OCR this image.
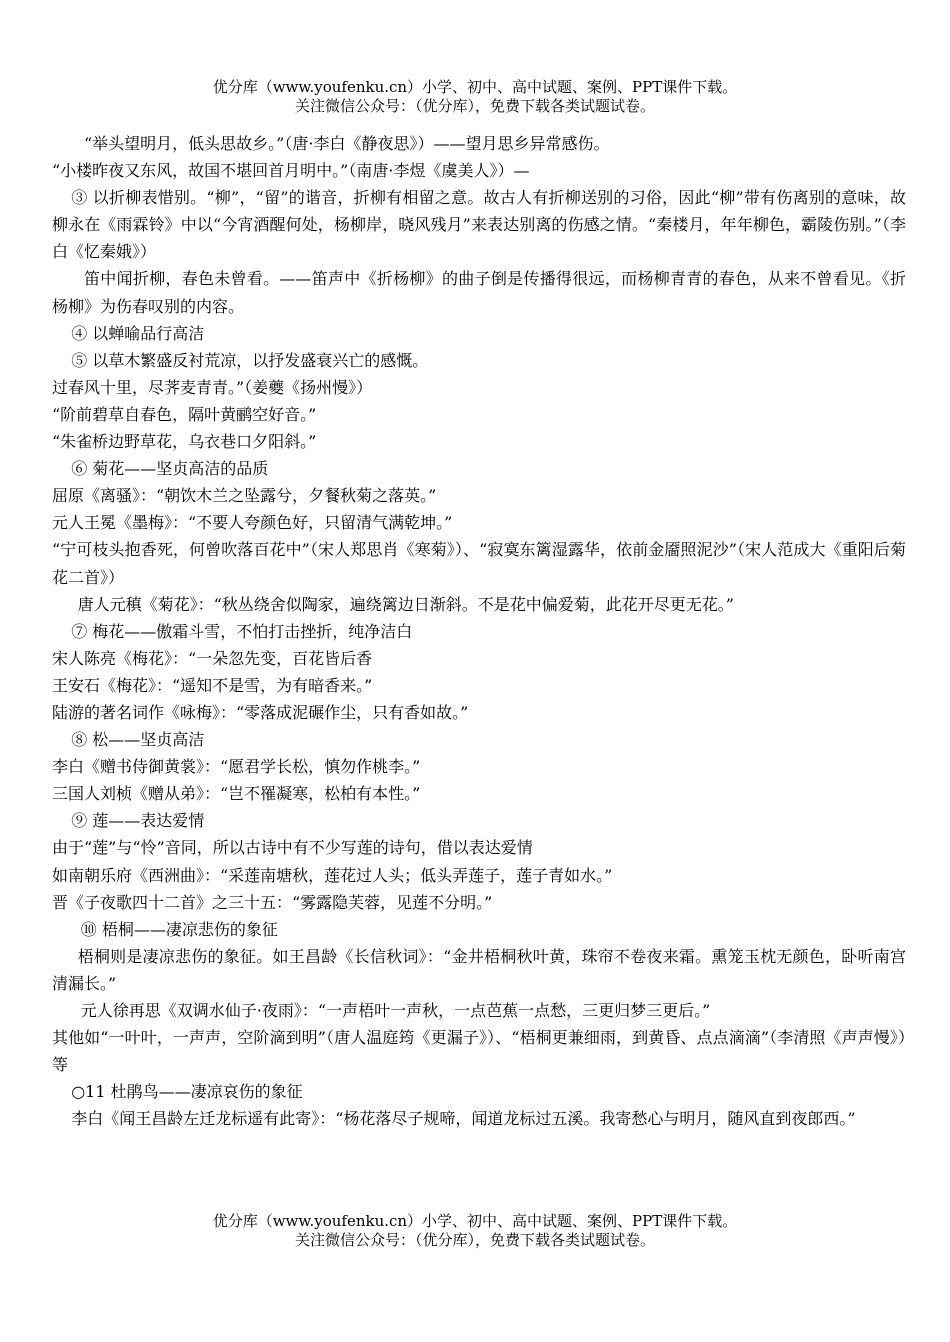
优分库（www.youfenku.cn）小学、初中、高中试题、案例、PPT课件下载。
关注微信公众号：（优分库），免费下载各类试题试卷。

“举头望明月，低头思故乡。”（唐·李白《静夜思》）——望月思乡异常感伤。

“小楼昨夜又东风，故国不堪回首月明中。”（南唐·李煜《虞美人》）—

③ 以折柳表惜别。“柳”，“留”的谐音，折柳有相留之意。故古人有折柳送别的习俗，因此“柳”带有伤离别的意味，故柳永在《雨霖铃》中以“今宵酒醒何处，杨柳岸，晓风残月”来表达别离的伤感之情。“秦楼月，年年柳色，霸陵伤别。”（李白《忆秦娥》）

笛中闻折柳，春色未曾看。——笛声中《折杨柳》的曲子倒是传播得很远，而杨柳青青的春色，从来不曾看见。《折杨柳》为伤春叹别的内容。

④ 以蝉喻品行高洁

⑤ 以草木繁盛反衬荒凉，以抒发盛衰兴亡的感慨。

过春风十里，尽荠麦青青。”（姜夔《扬州慢》）

“阶前碧草自春色，隔叶黄鹂空好音。”

“朱雀桥边野草花，乌衣巷口夕阳斜。”

⑥ 菊花——坚贞高洁的品质

屈原《离骚》：“朝饮木兰之坠露兮，夕餐秋菊之落英。”

元人王冕《墨梅》：“不要人夸颜色好，只留清气满乾坤。”

“宁可枝头抱香死，何曾吹落百花中”（宋人郑思肖《寒菊》）、“寂寞东篱湿露华，依前金靥照泥沙”（宋人范成大《重阳后菊花二首》）

唐人元稹《菊花》：“秋丛绕舍似陶家，遍绕篱边日渐斜。不是花中偏爱菊，此花开尽更无花。”

⑦ 梅花——傲霜斗雪，不怕打击挫折，纯净洁白

宋人陈亮《梅花》：“一朵忽先变，百花皆后香

王安石《梅花》：“遥知不是雪，为有暗香来。”

陆游的著名词作《咏梅》：“零落成泥碾作尘，只有香如故。”

⑧ 松——坚贞高洁

李白《赠书侍御黄裳》：“愿君学长松，慎勿作桃李。”

三国人刘桢《赠从弟》：“岂不罹凝寒，松柏有本性。”

⑨ 莲——表达爱情

由于“莲”与“怜”音同，所以古诗中有不少写莲的诗句，借以表达爱情

如南朝乐府《西洲曲》：“采莲南塘秋，莲花过人头；低头弄莲子，莲子青如水。”

晋《子夜歌四十二首》之三十五：“雾露隐芙蓉，见莲不分明。”

⑩ 梧桐——凄凉悲伤的象征

梧桐则是凄凉悲伤的象征。如王昌龄《长信秋词》：“金井梧桐秋叶黄，珠帘不卷夜来霜。熏笼玉枕无颜色，卧听南宫清漏长。”

元人徐再思《双调水仙子·夜雨》：“一声梧叶一声秋，一点芭蕉一点愁，三更归梦三更后。”

其他如“一叶叶，一声声，空阶滴到明”（唐人温庭筠《更漏子》）、“梧桐更兼细雨，到黄昏、点点滴滴”（李清照《声声慢》）等

○11 杜鹃鸟——凄凉哀伤的象征

李白《闻王昌龄左迁龙标遥有此寄》：“杨花落尽子规啼，闻道龙标过五溪。我寄愁心与明月，随风直到夜郎西。”

优分库（www.youfenku.cn）小学、初中、高中试题、案例、PPT课件下载。
关注微信公众号：（优分库），免费下载各类试题试卷。
